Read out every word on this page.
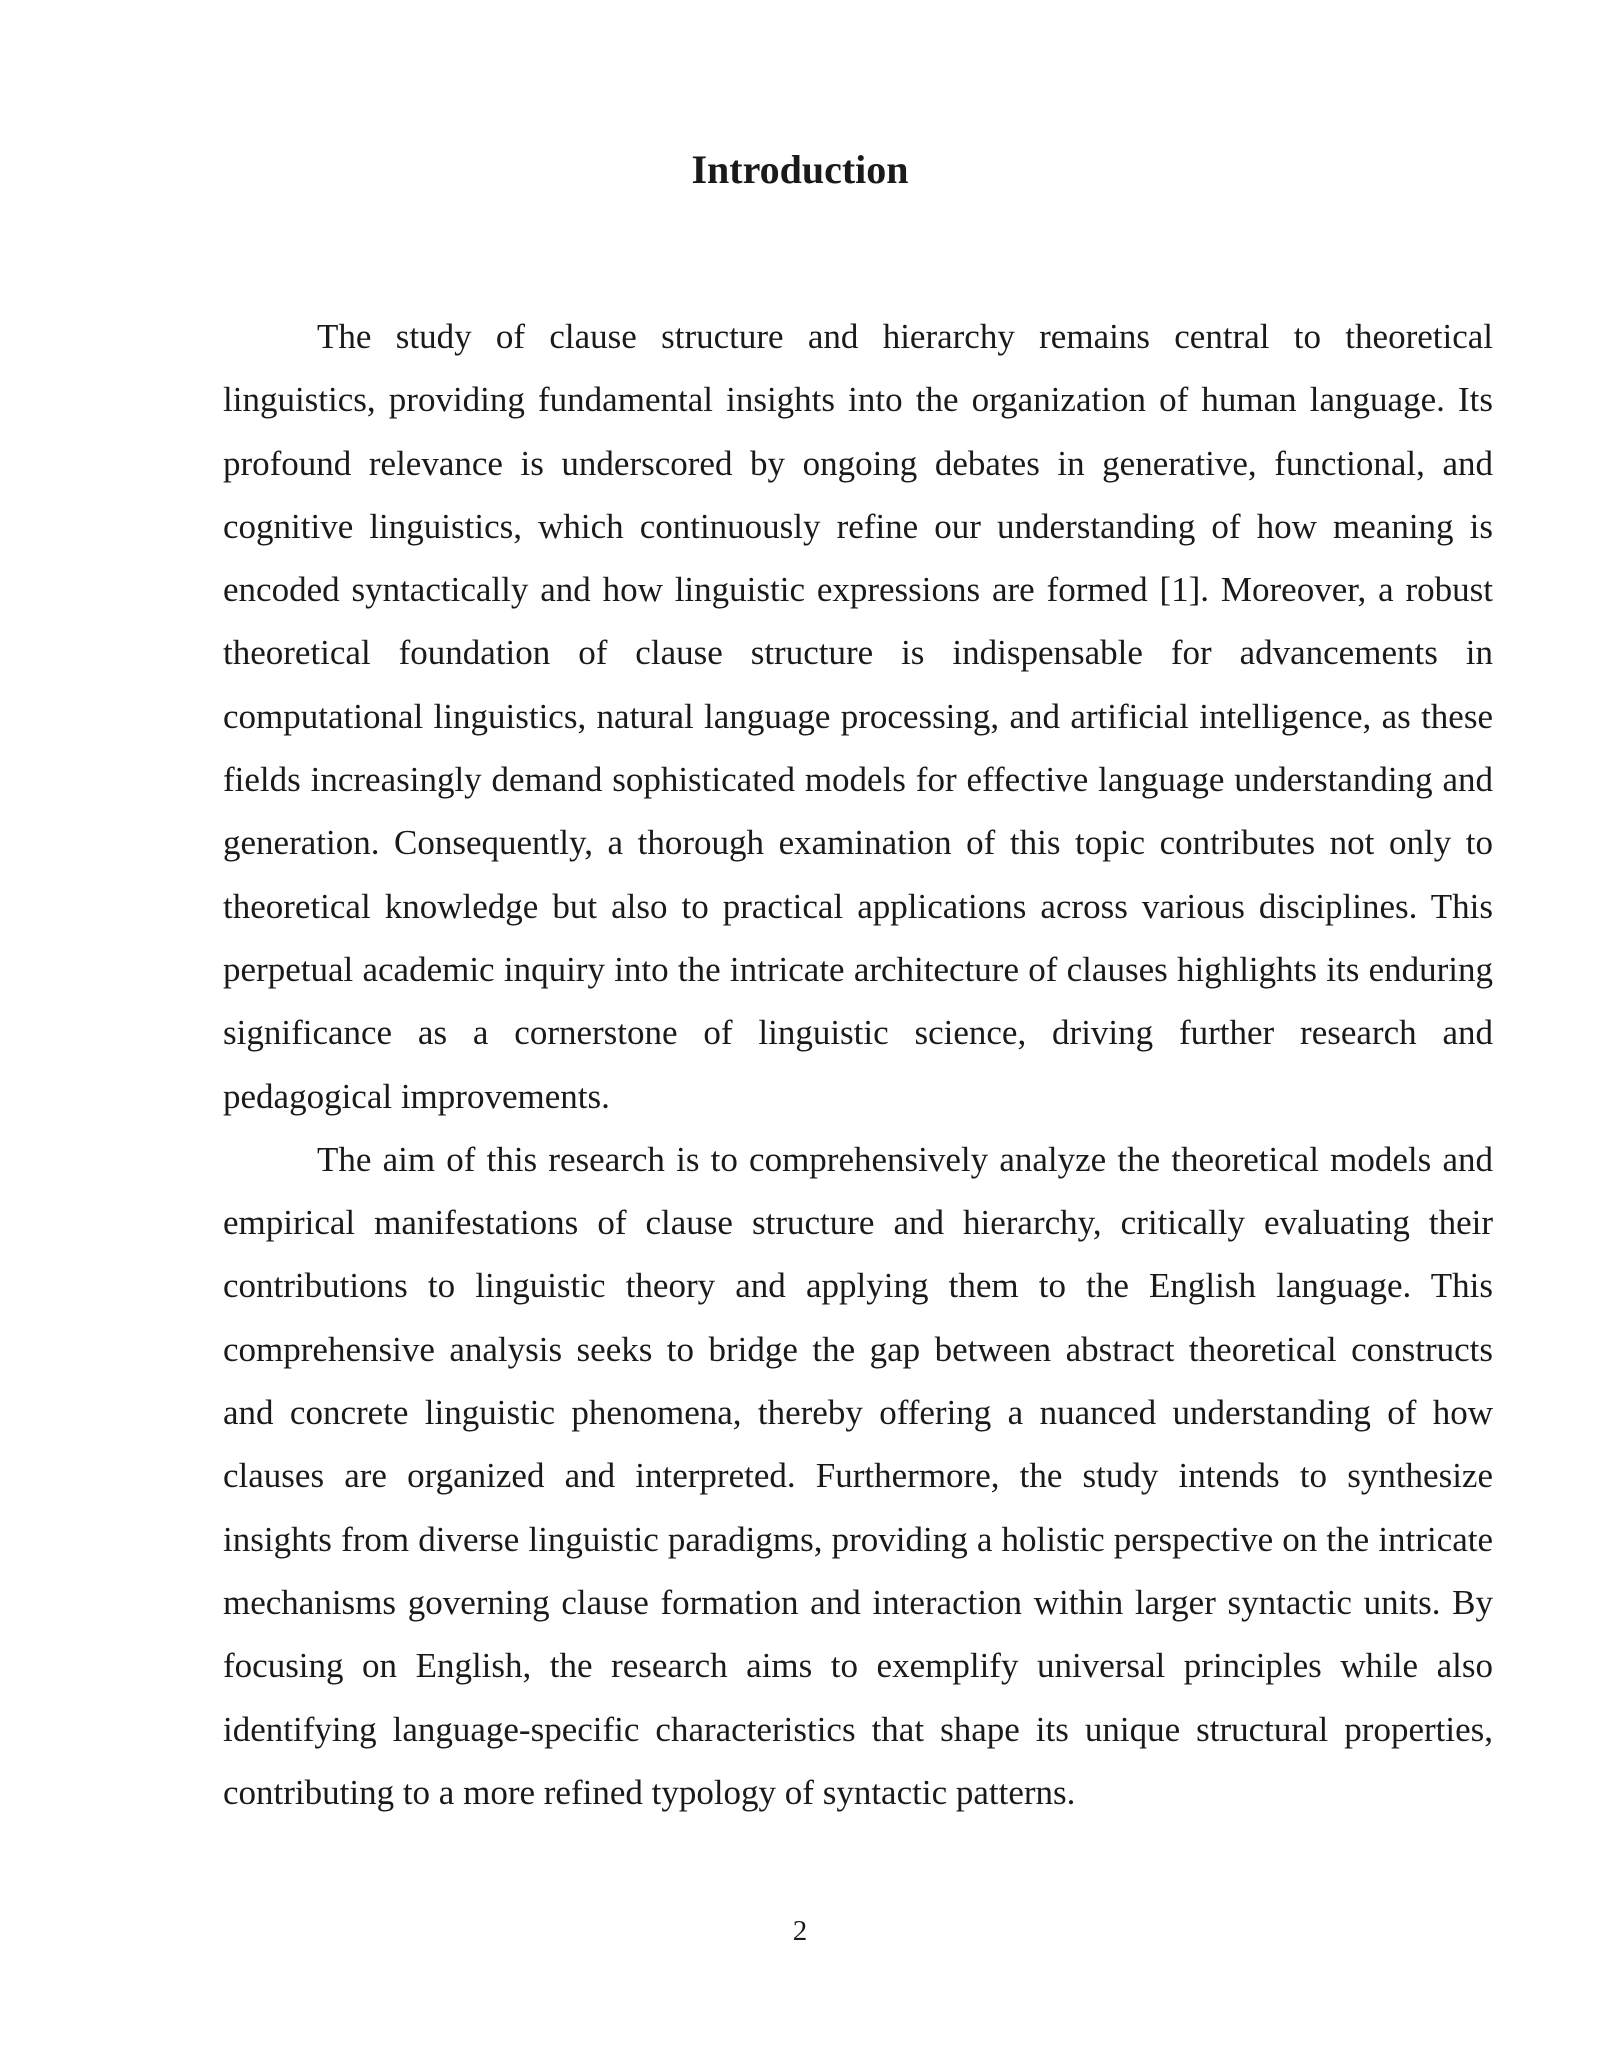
Introduction

The study of clause structure and hierarchy remains central to theoretical linguistics, providing fundamental insights into the organization of human language. Its profound relevance is underscored by ongoing debates in generative, functional, and cognitive linguistics, which continuously refine our understanding of how meaning is encoded syntactically and how linguistic expressions are formed [1]. Moreover, a robust theoretical foundation of clause structure is indispensable for advancements in computational linguistics, natural language processing, and artificial intelligence, as these fields increasingly demand sophisticated models for effective language understanding and generation. Consequently, a thorough examination of this topic contributes not only to theoretical knowledge but also to practical applications across various disciplines. This perpetual academic inquiry into the intricate architecture of clauses highlights its enduring significance as a cornerstone of linguistic science, driving further research and pedagogical improvements.

The aim of this research is to comprehensively analyze the theoretical models and empirical manifestations of clause structure and hierarchy, critically evaluating their contributions to linguistic theory and applying them to the English language. This comprehensive analysis seeks to bridge the gap between abstract theoretical constructs and concrete linguistic phenomena, thereby offering a nuanced understanding of how clauses are organized and interpreted. Furthermore, the study intends to synthesize insights from diverse linguistic paradigms, providing a holistic perspective on the intricate mechanisms governing clause formation and interaction within larger syntactic units. By focusing on English, the research aims to exemplify universal principles while also identifying language-specific characteristics that shape its unique structural properties, contributing to a more refined typology of syntactic patterns.

2
